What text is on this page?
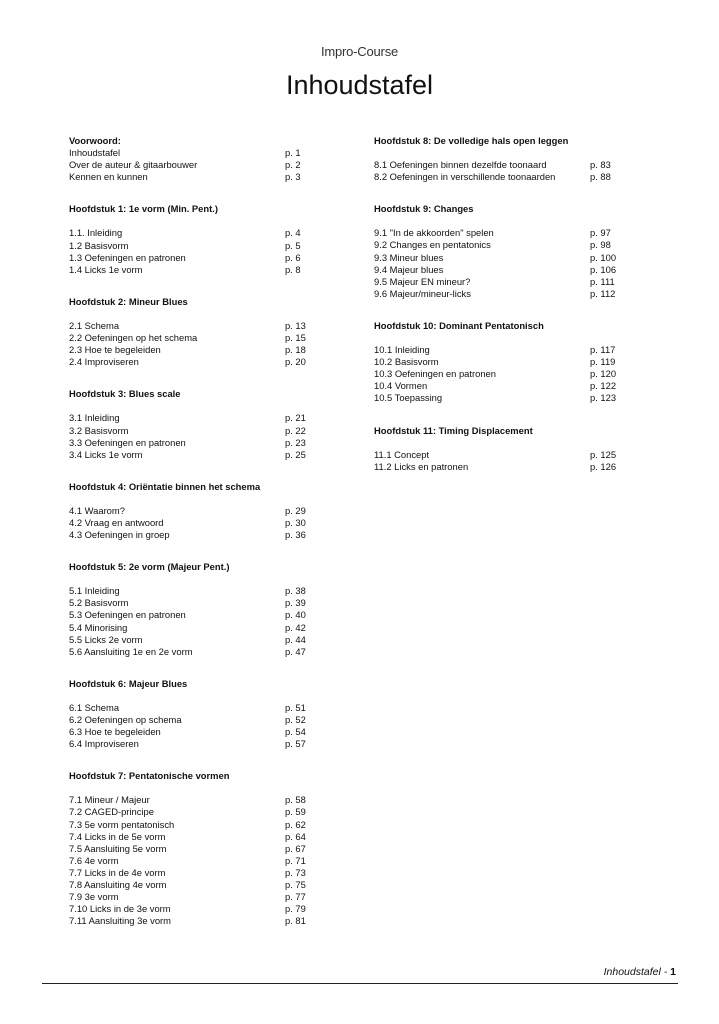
Impro-Course
Inhoudstafel
Voorwoord:
Inhoudstafel	p. 1
Over de auteur & gitaarbouwer	p. 2
Kennen en kunnen	p. 3
Hoofdstuk 1: 1e vorm (Min. Pent.)
1.1. Inleiding	p. 4
1.2 Basisvorm	p. 5
1.3 Oefeningen en patronen	p. 6
1.4 Licks 1e vorm	p. 8
Hoofdstuk 2: Mineur Blues
2.1 Schema	p. 13
2.2 Oefeningen op het schema	p. 15
2.3 Hoe te begeleiden	p. 18
2.4 Improviseren	p. 20
Hoofdstuk 3: Blues scale
3.1 Inleiding	p. 21
3.2 Basisvorm	p. 22
3.3 Oefeningen en patronen	p. 23
3.4 Licks 1e vorm	p. 25
Hoofdstuk 4: Oriëntatie binnen het schema
4.1 Waarom?	p. 29
4.2 Vraag en antwoord	p. 30
4.3 Oefeningen in groep	p. 36
Hoofdstuk 5: 2e vorm (Majeur Pent.)
5.1 Inleiding	p. 38
5.2 Basisvorm	p. 39
5.3 Oefeningen en patronen	p. 40
5.4 Minorising	p. 42
5.5 Licks 2e vorm	p. 44
5.6 Aansluiting 1e en 2e vorm	p. 47
Hoofdstuk 6: Majeur Blues
6.1 Schema	p. 51
6.2 Oefeningen op schema	p. 52
6.3 Hoe te begeleiden	p. 54
6.4 Improviseren	p. 57
Hoofdstuk 7: Pentatonische vormen
7.1 Mineur / Majeur	p. 58
7.2 CAGED-principe	p. 59
7.3 5e vorm pentatonisch	p. 62
7.4 Licks in de 5e vorm	p. 64
7.5 Aansluiting 5e vorm	p. 67
7.6 4e vorm	p. 71
7.7 Licks in de 4e vorm	p. 73
7.8 Aansluiting 4e vorm	p. 75
7.9 3e vorm	p. 77
7.10 Licks in de 3e vorm	p. 79
7.11 Aansluiting 3e vorm	p. 81
Hoofdstuk 8: De volledige hals open leggen
8.1 Oefeningen binnen dezelfde toonaard	p. 83
8.2 Oefeningen in verschillende toonaarden	p. 88
Hoofdstuk 9: Changes
9.1 "In de akkoorden" spelen	p. 97
9.2 Changes en pentatonics	p. 98
9.3 Mineur blues	p. 100
9.4 Majeur blues	p. 106
9.5 Majeur EN mineur?	p. 111
9.6 Majeur/mineur-licks	p. 112
Hoofdstuk 10: Dominant Pentatonisch
10.1 Inleiding	p. 117
10.2 Basisvorm	p. 119
10.3 Oefeningen en patronen	p. 120
10.4 Vormen	p. 122
10.5 Toepassing	p. 123
Hoofdstuk 11: Timing Displacement
11.1 Concept	p. 125
11.2 Licks en patronen	p. 126
Inhoudstafel - 1
